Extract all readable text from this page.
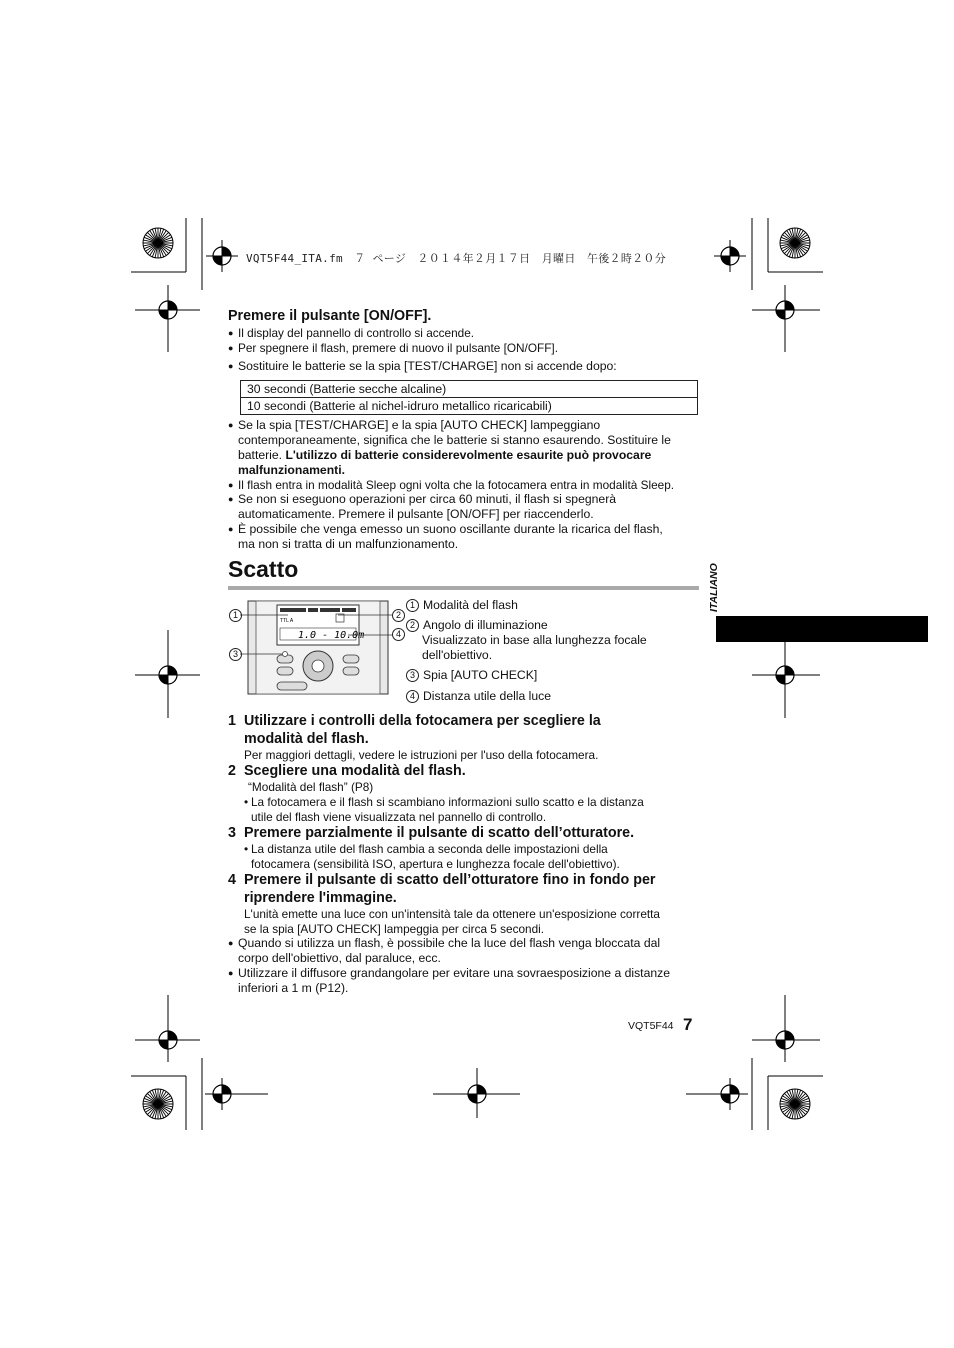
VQT5F44_ITA.fm　７ ページ　２０１４年２月１７日　月曜日　午後２時２０分
Premere il pulsante [ON/OFF].
● Il display del pannello di controllo si accende.
● Per spegnere il flash, premere di nuovo il pulsante [ON/OFF].
● Sostituire le batterie se la spia [TEST/CHARGE] non si accende dopo:
30 secondi (Batterie secche alcaline)
10 secondi (Batterie al nichel-idruro metallico ricaricabili)
● Se la spia [TEST/CHARGE] e la spia [AUTO CHECK] lampeggiano
contemporaneamente, significa che le batterie si stanno esaurendo. Sostituire le
batterie. L'utilizzo di batterie considerevolmente esaurite può provocare
malfunzionamenti.
● Il flash entra in modalità Sleep ogni volta che la fotocamera entra in modalità Sleep.
● Se non si eseguono operazioni per circa 60 minuti, il flash si spegnerà
automaticamente. Premere il pulsante [ON/OFF] per riaccenderlo.
● È possibile che venga emesso un suono oscillante durante la ricarica del flash,
ma non si tratta di un malfunzionamento.
Scatto	ITALIANO
TTL A
1.0 - 10.0m
1
3
2
4
1 Modalità del flash
2 Angolo di illuminazione
Visualizzato in base alla lunghezza focale
dell'obiettivo.
3 Spia [AUTO CHECK]
4 Distanza utile della luce
1 Utilizzare i controlli della fotocamera per scegliere la
modalità del flash.
Per maggiori dettagli, vedere le istruzioni per l'uso della fotocamera.
2 Scegliere una modalità del flash.
“Modalità del flash” (P8)
• La fotocamera e il flash si scambiano informazioni sullo scatto e la distanza
utile del flash viene visualizzata nel pannello di controllo.
3 Premere parzialmente il pulsante di scatto dell’otturatore.
• La distanza utile del flash cambia a seconda delle impostazioni della
fotocamera (sensibilità ISO, apertura e lunghezza focale dell'obiettivo).
4 Premere il pulsante di scatto dell’otturatore fino in fondo per
riprendere l'immagine.
L'unità emette una luce con un'intensità tale da ottenere un'esposizione corretta
se la spia [AUTO CHECK] lampeggia per circa 5 secondi.
● Quando si utilizza un flash, è possibile che la luce del flash venga bloccata dal
corpo dell'obiettivo, dal paraluce, ecc.
● Utilizzare il diffusore grandangolare per evitare una sovraesposizione a distanze
inferiori a 1 m (P12).
VQT5F44 7
